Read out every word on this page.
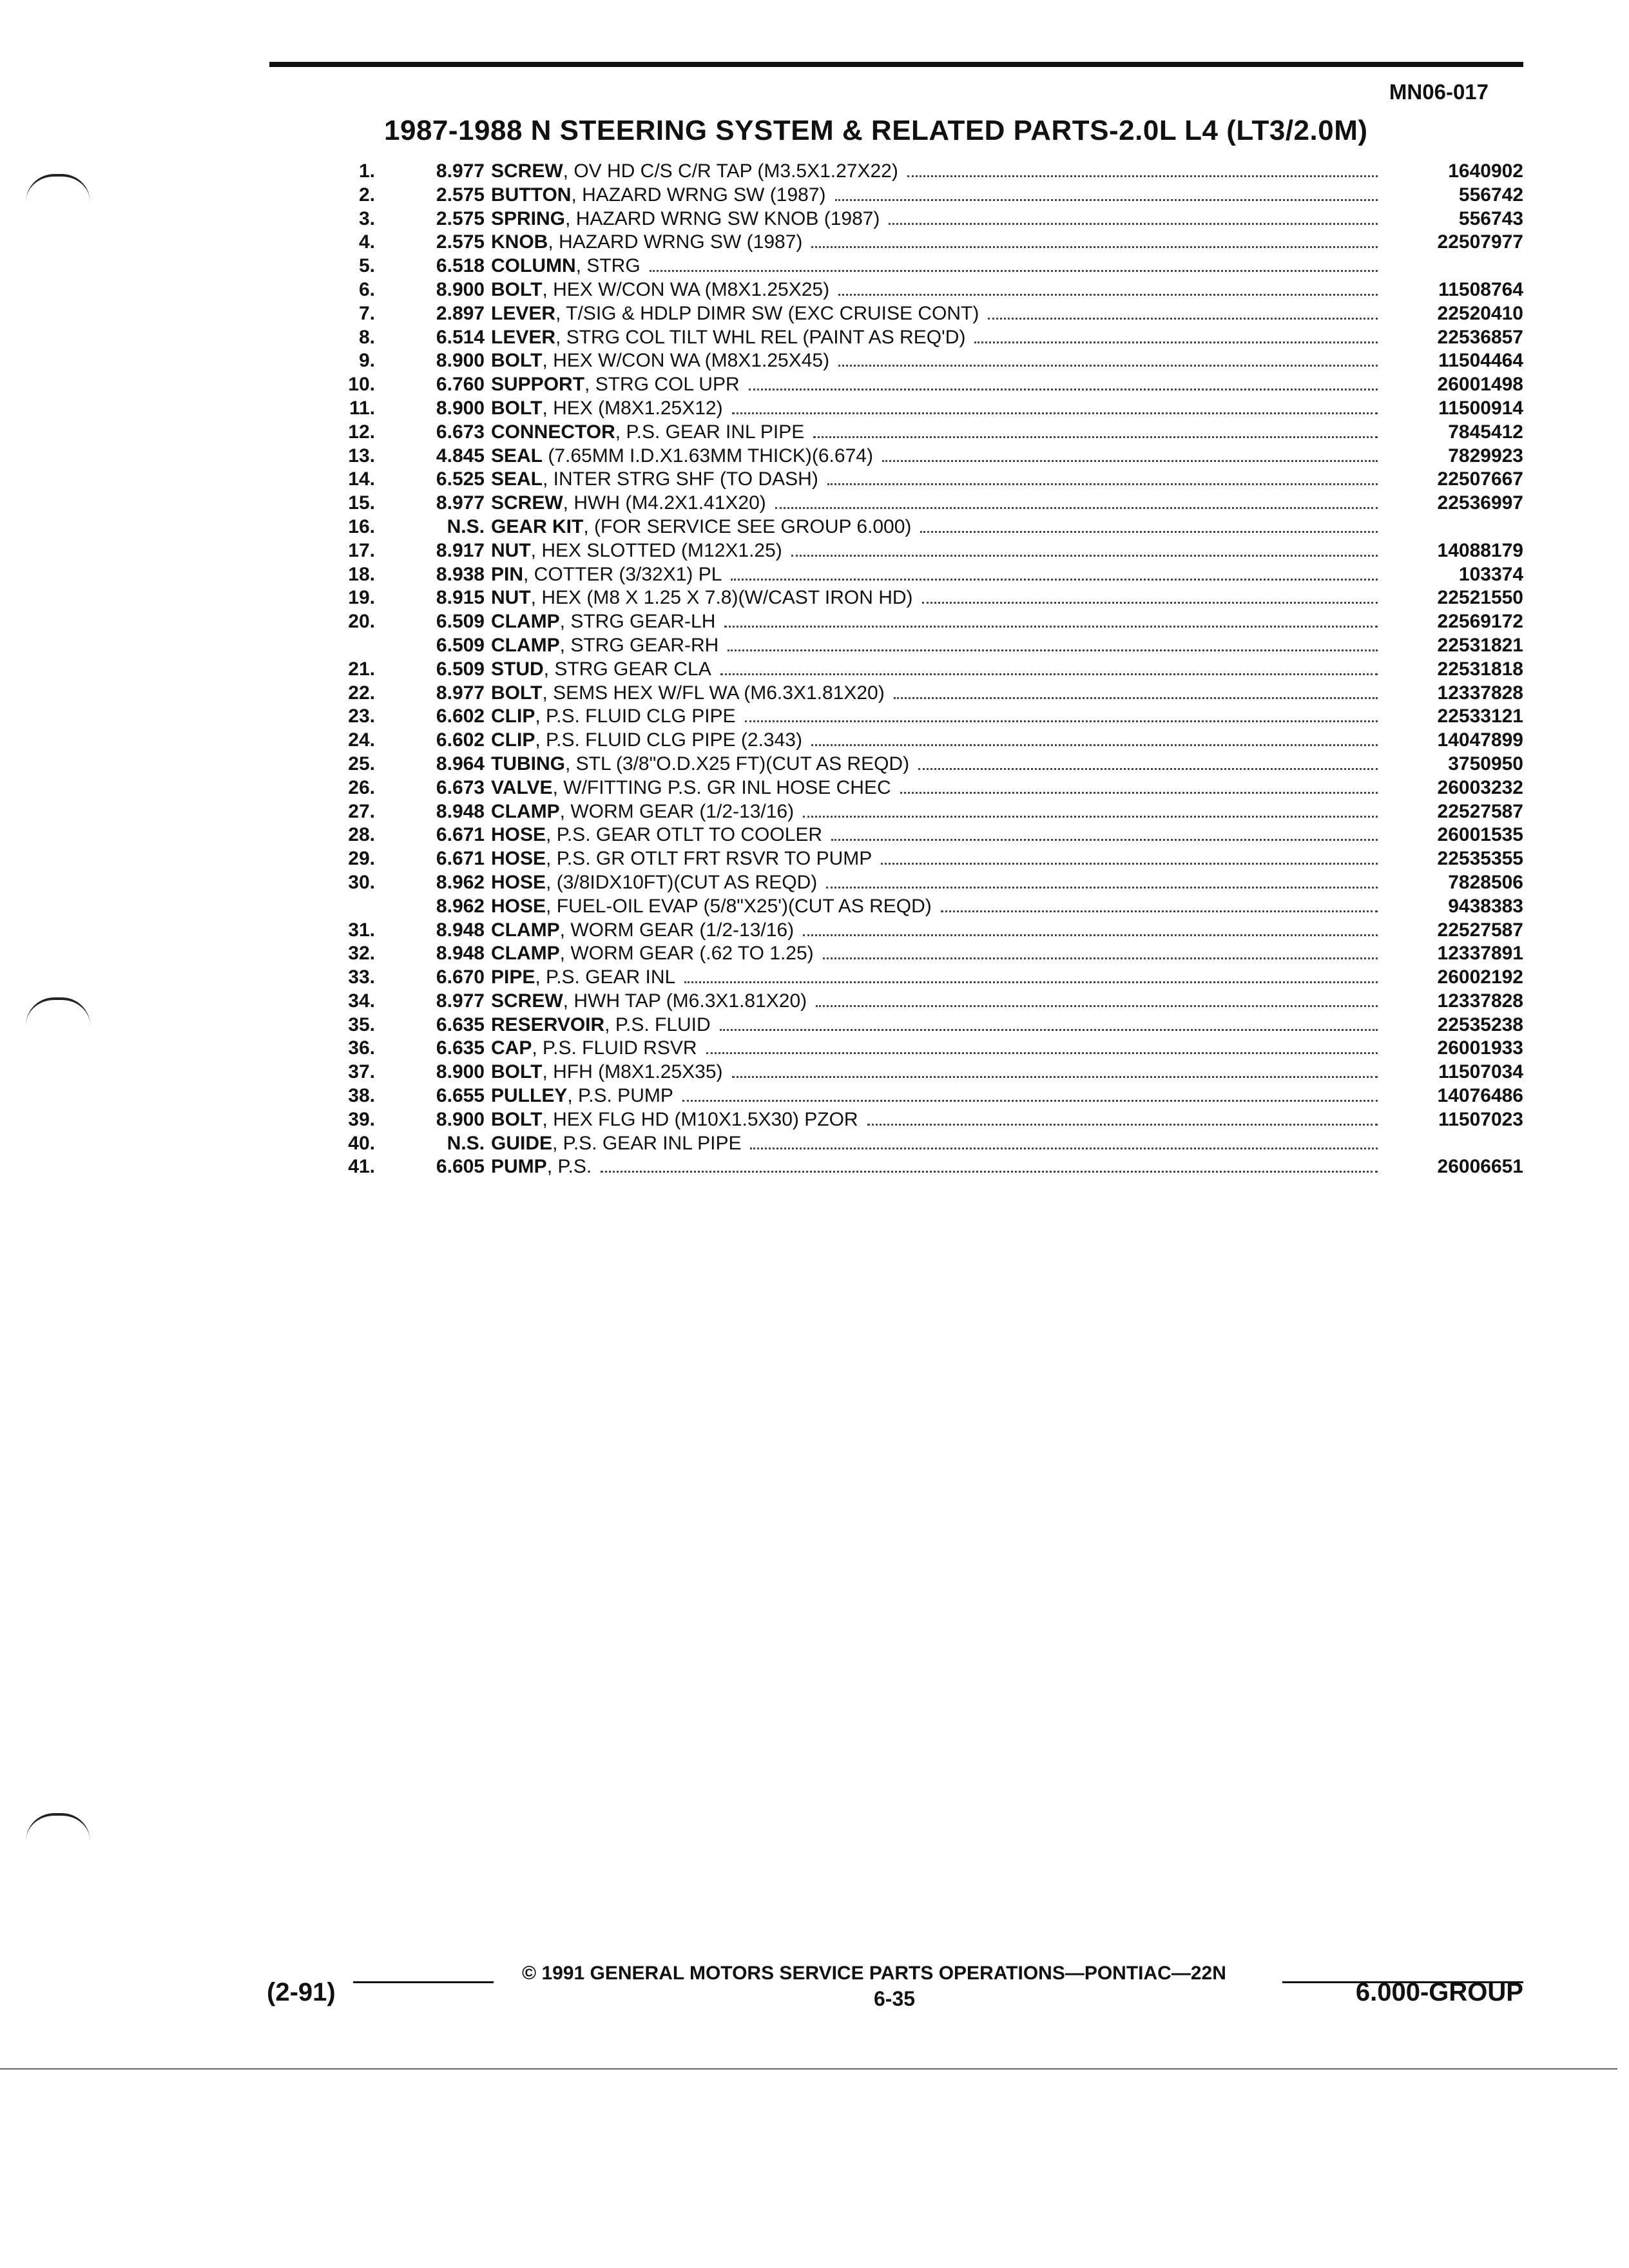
MN06-017
1987-1988 N STEERING SYSTEM & RELATED PARTS-2.0L L4 (LT3/2.0M)
1.	8.977 SCREW, OV HD C/S C/R TAP (M3.5X1.27X22)	1640902
2.	2.575 BUTTON, HAZARD WRNG SW (1987)	556742
3.	2.575 SPRING, HAZARD WRNG SW KNOB (1987)	556743
4.	2.575 KNOB, HAZARD WRNG SW (1987)	22507977
5.	6.518 COLUMN, STRG
6.	8.900 BOLT, HEX W/CON WA (M8X1.25X25)	11508764
7.	2.897 LEVER, T/SIG & HDLP DIMR SW (EXC CRUISE CONT)	22520410
8.	6.514 LEVER, STRG COL TILT WHL REL (PAINT AS REQ'D)	22536857
9.	8.900 BOLT, HEX W/CON WA (M8X1.25X45)	11504464
10.	6.760 SUPPORT, STRG COL UPR	26001498
11.	8.900 BOLT, HEX (M8X1.25X12)	11500914
12.	6.673 CONNECTOR, P.S. GEAR INL PIPE	7845412
13.	4.845 SEAL (7.65MM I.D.X1.63MM THICK)(6.674)	7829923
14.	6.525 SEAL, INTER STRG SHF (TO DASH)	22507667
15.	8.977 SCREW, HWH (M4.2X1.41X20)	22536997
16.	N.S. GEAR KIT, (FOR SERVICE SEE GROUP 6.000)
17.	8.917 NUT, HEX SLOTTED (M12X1.25)	14088179
18.	8.938 PIN, COTTER (3/32X1) PL	103374
19.	8.915 NUT, HEX (M8 X 1.25 X 7.8)(W/CAST IRON HD)	22521550
20.	6.509 CLAMP, STRG GEAR-LH	22569172
6.509 CLAMP, STRG GEAR-RH	22531821
21.	6.509 STUD, STRG GEAR CLA	22531818
22.	8.977 BOLT, SEMS HEX W/FL WA (M6.3X1.81X20)	12337828
23.	6.602 CLIP, P.S. FLUID CLG PIPE	22533121
24.	6.602 CLIP, P.S. FLUID CLG PIPE (2.343)	14047899
25.	8.964 TUBING, STL (3/8"O.D.X25 FT)(CUT AS REQD)	3750950
26.	6.673 VALVE, W/FITTING P.S. GR INL HOSE CHEC	26003232
27.	8.948 CLAMP, WORM GEAR (1/2-13/16)	22527587
28.	6.671 HOSE, P.S. GEAR OTLT TO COOLER	26001535
29.	6.671 HOSE, P.S. GR OTLT FRT RSVR TO PUMP	22535355
30.	8.962 HOSE, (3/8IDX10FT)(CUT AS REQD)	7828506
8.962 HOSE, FUEL-OIL EVAP (5/8"X25')(CUT AS REQD)	9438383
31.	8.948 CLAMP, WORM GEAR (1/2-13/16)	22527587
32.	8.948 CLAMP, WORM GEAR (.62 TO 1.25)	12337891
33.	6.670 PIPE, P.S. GEAR INL	26002192
34.	8.977 SCREW, HWH TAP (M6.3X1.81X20)	12337828
35.	6.635 RESERVOIR, P.S. FLUID	22535238
36.	6.635 CAP, P.S. FLUID RSVR	26001933
37.	8.900 BOLT, HFH (M8X1.25X35)	11507034
38.	6.655 PULLEY, P.S. PUMP	14076486
39.	8.900 BOLT, HEX FLG HD (M10X1.5X30) PZOR	11507023
40.	N.S. GUIDE, P.S. GEAR INL PIPE
41.	6.605 PUMP, P.S.	26006651
© 1991 GENERAL MOTORS SERVICE PARTS OPERATIONS—PONTIAC—22N
(2-91)	6-35	6.000-GROUP
